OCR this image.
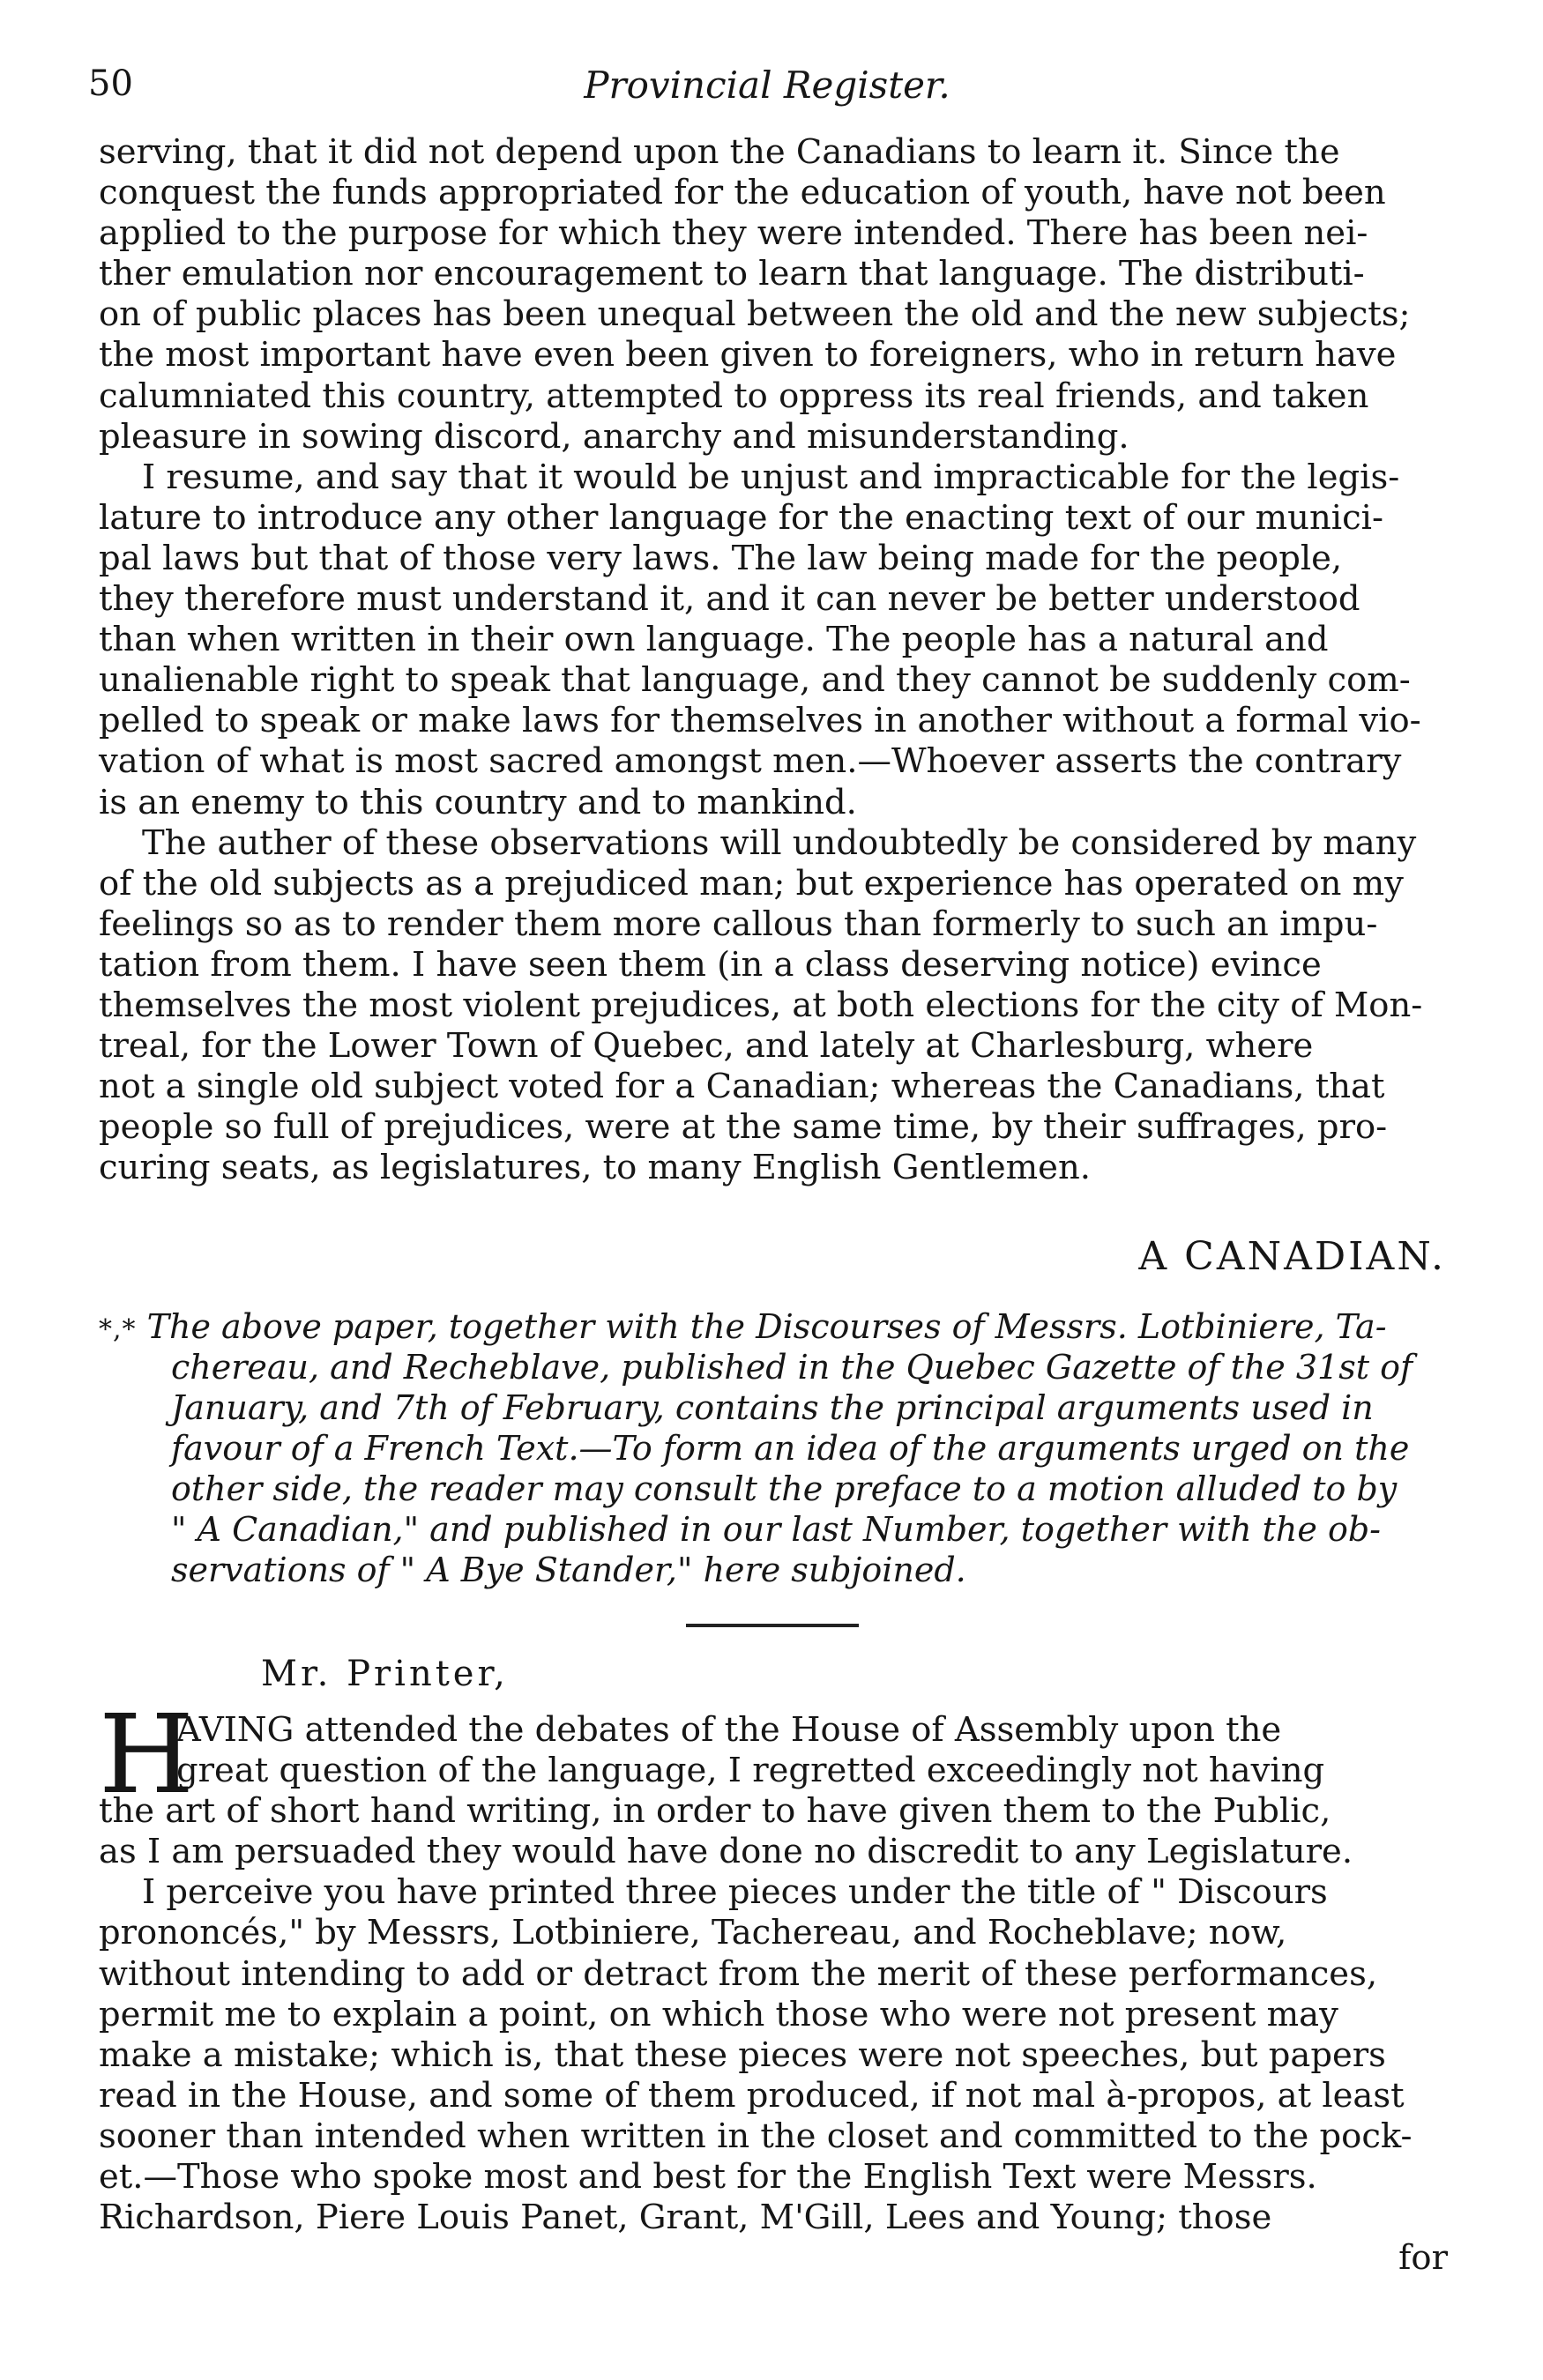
50	Provincial Register.
serving, that it did not depend upon the Canadians to learn it. Since the
conquest the funds appropriated for the education of youth, have not been
applied to the purpose for which they were intended. There has been nei-
ther emulation nor encouragement to learn that language. The distributi-
on of public places has been unequal between the old and the new subjects;
the most important have even been given to foreigners, who in return have
calumniated this country, attempted to oppress its real friends, and taken
pleasure in sowing discord, anarchy and misunderstanding.
I resume, and say that it would be unjust and impracticable for the legis-
lature to introduce any other language for the enacting text of our munici-
pal laws but that of those very laws. The law being made for the people,
they therefore must understand it, and it can never be better understood
than when written in their own language. The people has a natural and
unalienable right to speak that language, and they cannot be suddenly com-
pelled to speak or make laws for themselves in another without a formal vio-
vation of what is most sacred amongst men.—Whoever asserts the contrary
is an enemy to this country and to mankind.
The auther of these observations will undoubtedly be considered by many
of the old subjects as a prejudiced man; but experience has operated on my
feelings so as to render them more callous than formerly to such an impu-
tation from them. I have seen them (in a class deserving notice) evince
themselves the most violent prejudices, at both elections for the city of Mon-
treal, for the Lower Town of Quebec, and lately at Charlesburg, where
not a single old subject voted for a Canadian; whereas the Canadians, that
people so full of prejudices, were at the same time, by their suffrages, pro-
curing seats, as legislatures, to many English Gentlemen.
A CANADIAN.
*,* The above paper, together with the Discourses of Messrs. Lotbiniere, Ta-
chereau, and Recheblave, published in the Quebec Gazette of the 31st of
January, and 7th of February, contains the principal arguments used in
favour of a French Text.—To form an idea of the arguments urged on the
other side, the reader may consult the preface to a motion alluded to by
" A Canadian," and published in our last Number, together with the ob-
servations of " A Bye Stander," here subjoined.
Mr. Printer,
H
AVING attended the debates of the House of Assembly upon the
great question of the language, I regretted exceedingly not having
the art of short hand writing, in order to have given them to the Public,
as I am persuaded they would have done no discredit to any Legislature.
I perceive you have printed three pieces under the title of " Discours
prononcés," by Messrs, Lotbiniere, Tachereau, and Rocheblave; now,
without intending to add or detract from the merit of these performances,
permit me to explain a point, on which those who were not present may
make a mistake; which is, that these pieces were not speeches, but papers
read in the House, and some of them produced, if not mal à-propos, at least
sooner than intended when written in the closet and committed to the pock-
et.—Those who spoke most and best for the English Text were Messrs.
Richardson, Piere Louis Panet, Grant, M'Gill, Lees and Young; those
for
